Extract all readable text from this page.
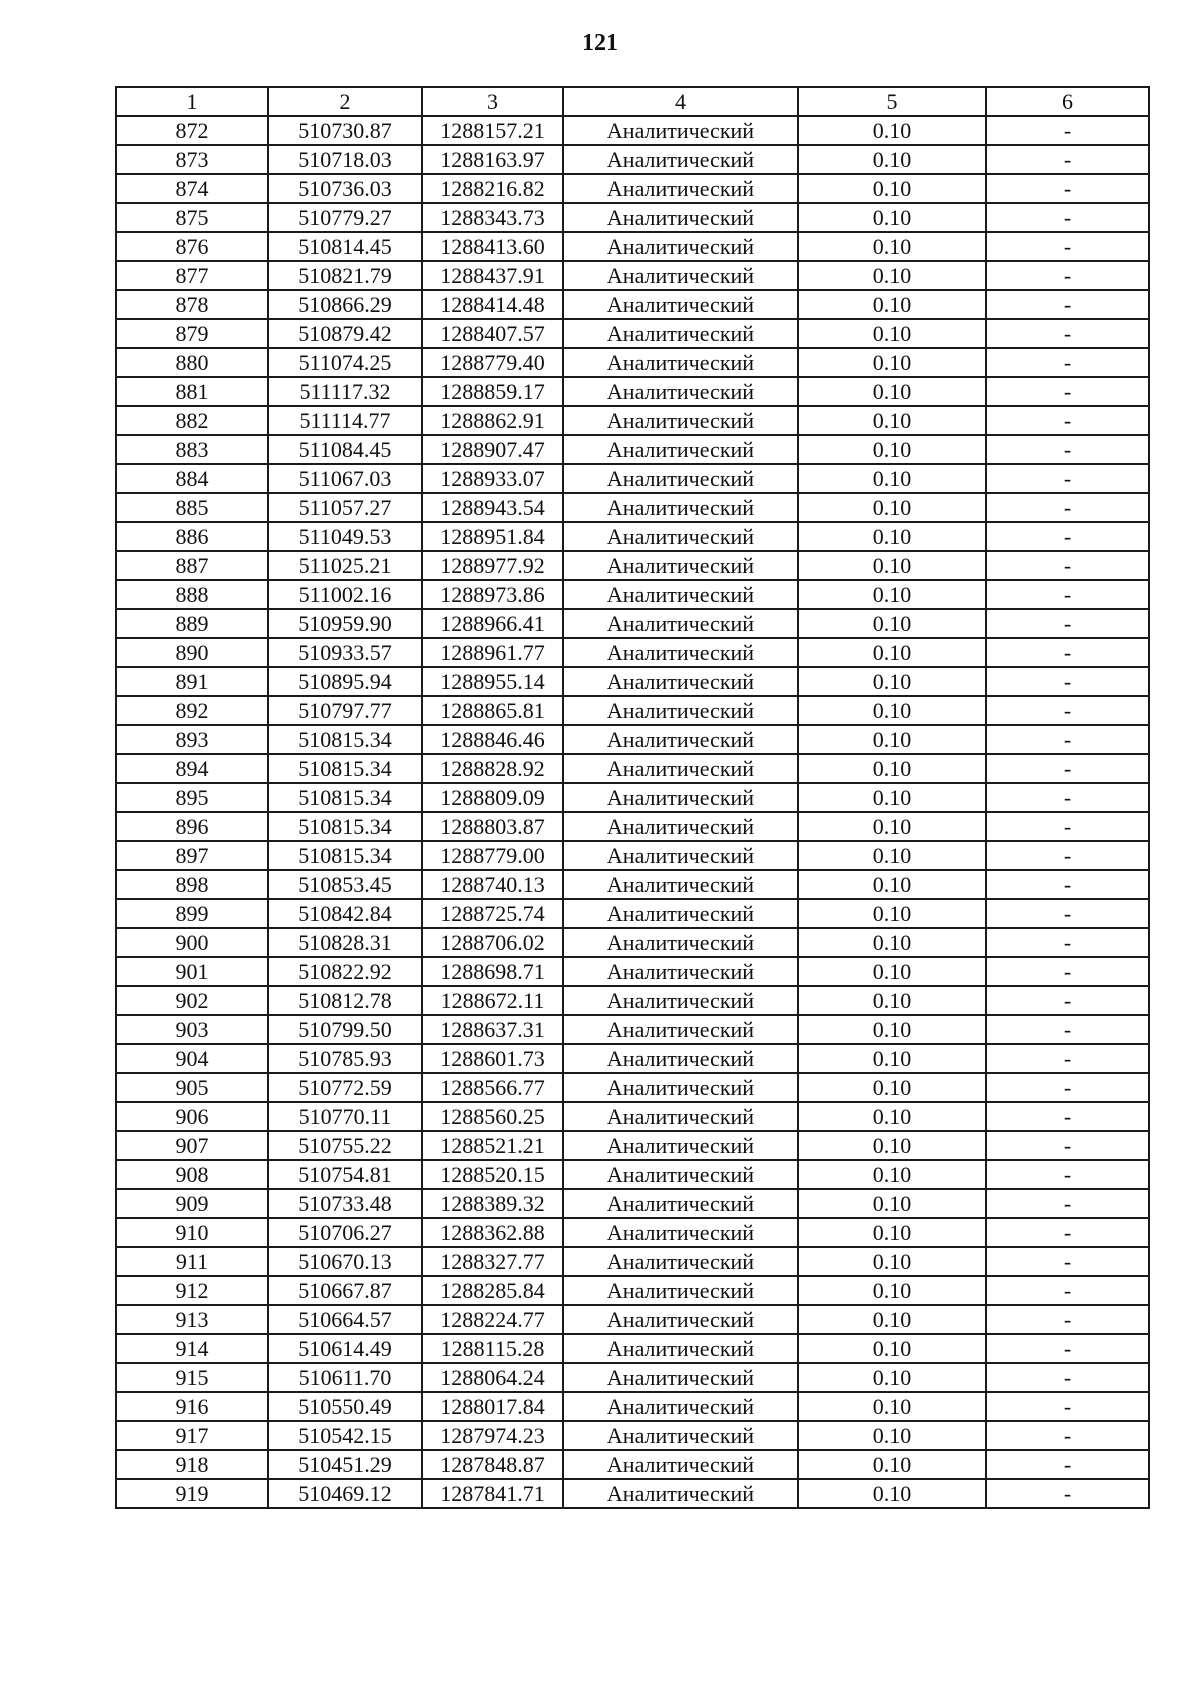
121
1	2	3	4	5	6
872	510730.87	1288157.21	Аналитический	0.10	-
873	510718.03	1288163.97	Аналитический	0.10	-
874	510736.03	1288216.82	Аналитический	0.10	-
875	510779.27	1288343.73	Аналитический	0.10	-
876	510814.45	1288413.60	Аналитический	0.10	-
877	510821.79	1288437.91	Аналитический	0.10	-
878	510866.29	1288414.48	Аналитический	0.10	-
879	510879.42	1288407.57	Аналитический	0.10	-
880	511074.25	1288779.40	Аналитический	0.10	-
881	511117.32	1288859.17	Аналитический	0.10	-
882	511114.77	1288862.91	Аналитический	0.10	-
883	511084.45	1288907.47	Аналитический	0.10	-
884	511067.03	1288933.07	Аналитический	0.10	-
885	511057.27	1288943.54	Аналитический	0.10	-
886	511049.53	1288951.84	Аналитический	0.10	-
887	511025.21	1288977.92	Аналитический	0.10	-
888	511002.16	1288973.86	Аналитический	0.10	-
889	510959.90	1288966.41	Аналитический	0.10	-
890	510933.57	1288961.77	Аналитический	0.10	-
891	510895.94	1288955.14	Аналитический	0.10	-
892	510797.77	1288865.81	Аналитический	0.10	-
893	510815.34	1288846.46	Аналитический	0.10	-
894	510815.34	1288828.92	Аналитический	0.10	-
895	510815.34	1288809.09	Аналитический	0.10	-
896	510815.34	1288803.87	Аналитический	0.10	-
897	510815.34	1288779.00	Аналитический	0.10	-
898	510853.45	1288740.13	Аналитический	0.10	-
899	510842.84	1288725.74	Аналитический	0.10	-
900	510828.31	1288706.02	Аналитический	0.10	-
901	510822.92	1288698.71	Аналитический	0.10	-
902	510812.78	1288672.11	Аналитический	0.10	-
903	510799.50	1288637.31	Аналитический	0.10	-
904	510785.93	1288601.73	Аналитический	0.10	-
905	510772.59	1288566.77	Аналитический	0.10	-
906	510770.11	1288560.25	Аналитический	0.10	-
907	510755.22	1288521.21	Аналитический	0.10	-
908	510754.81	1288520.15	Аналитический	0.10	-
909	510733.48	1288389.32	Аналитический	0.10	-
910	510706.27	1288362.88	Аналитический	0.10	-
911	510670.13	1288327.77	Аналитический	0.10	-
912	510667.87	1288285.84	Аналитический	0.10	-
913	510664.57	1288224.77	Аналитический	0.10	-
914	510614.49	1288115.28	Аналитический	0.10	-
915	510611.70	1288064.24	Аналитический	0.10	-
916	510550.49	1288017.84	Аналитический	0.10	-
917	510542.15	1287974.23	Аналитический	0.10	-
918	510451.29	1287848.87	Аналитический	0.10	-
919	510469.12	1287841.71	Аналитический	0.10	-
